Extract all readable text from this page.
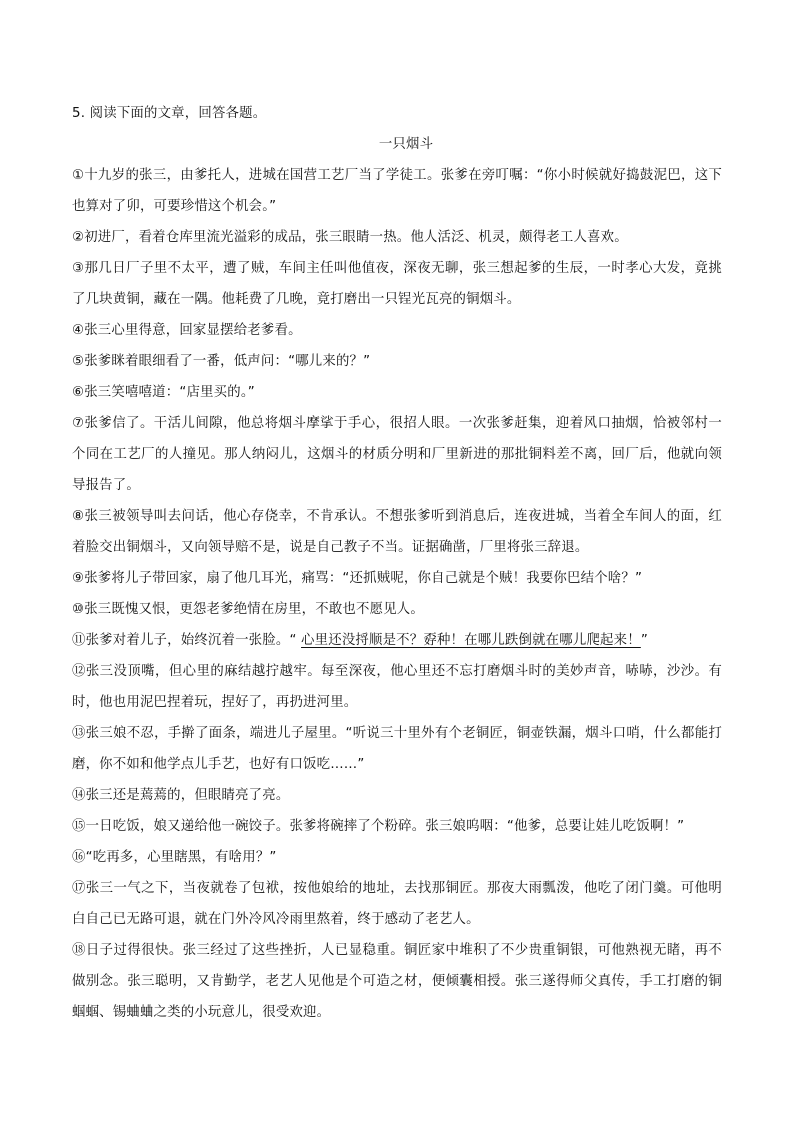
5. 阅读下面的文章，回答各题。

一只烟斗

①十九岁的张三，由爹托人，进城在国营工艺厂当了学徒工。张爹在旁叮嘱：“你小时候就好捣鼓泥巴，这下也算对了卯，可要珍惜这个机会。”

②初进厂，看着仓库里流光溢彩的成品，张三眼睛一热。他人活泛、机灵，颇得老工人喜欢。

③那几日厂子里不太平，遭了贼，车间主任叫他值夜，深夜无聊，张三想起爹的生辰，一时孝心大发，竟挑了几块黄铜，藏在一隅。他耗费了几晚，竟打磨出一只锃光瓦亮的铜烟斗。

④张三心里得意，回家显摆给老爹看。

⑤张爹眯着眼细看了一番，低声问：“哪儿来的？”

⑥张三笑嘻嘻道：“店里买的。”

⑦张爹信了。干活儿间隙，他总将烟斗摩挲于手心，很招人眼。一次张爹赶集，迎着风口抽烟，恰被邻村一个同在工艺厂的人撞见。那人纳闷儿，这烟斗的材质分明和厂里新进的那批铜料差不离，回厂后，他就向领导报告了。

⑧张三被领导叫去问话，他心存侥幸，不肯承认。不想张爹听到消息后，连夜进城，当着全车间人的面，红着脸交出铜烟斗，又向领导赔不是，说是自己教子不当。证据确凿，厂里将张三辞退。

⑨张爹将儿子带回家，扇了他几耳光，痛骂：“还抓贼呢，你自己就是个贼！我要你巴结个啥？”

⑩张三既愧又恨，更怨老爹绝情在房里，不敢也不愿见人。

⑪张爹对着儿子，始终沉着一张脸。“ 心里还没捋顺是不？孬种！在哪儿跌倒就在哪儿爬起来！”

⑫张三没顶嘴，但心里的麻结越拧越牢。每至深夜，他心里还不忘打磨烟斗时的美妙声音，哧哧，沙沙。有时，他也用泥巴捏着玩，捏好了，再扔进河里。

⑬张三娘不忍，手擀了面条，端进儿子屋里。“听说三十里外有个老铜匠，铜壶铁漏，烟斗口哨，什么都能打磨，你不如和他学点儿手艺，也好有口饭吃……”

⑭张三还是蔫蔫的，但眼睛亮了亮。

⑮一日吃饭，娘又递给他一碗饺子。张爹将碗摔了个粉碎。张三娘呜咽：“他爹，总要让娃儿吃饭啊！”

⑯“吃再多，心里瞎黑，有啥用？”

⑰张三一气之下，当夜就卷了包袱，按他娘给的地址，去找那铜匠。那夜大雨瓢泼，他吃了闭门羹。可他明白自己已无路可退，就在门外冷风冷雨里熬着，终于感动了老艺人。

⑱日子过得很快。张三经过了这些挫折，人已显稳重。铜匠家中堆积了不少贵重铜银，可他熟视无睹，再不做别念。张三聪明，又肯勤学，老艺人见他是个可造之材，便倾囊相授。张三遂得师父真传，手工打磨的铜蝈蝈、锡蛐蛐之类的小玩意儿，很受欢迎。
